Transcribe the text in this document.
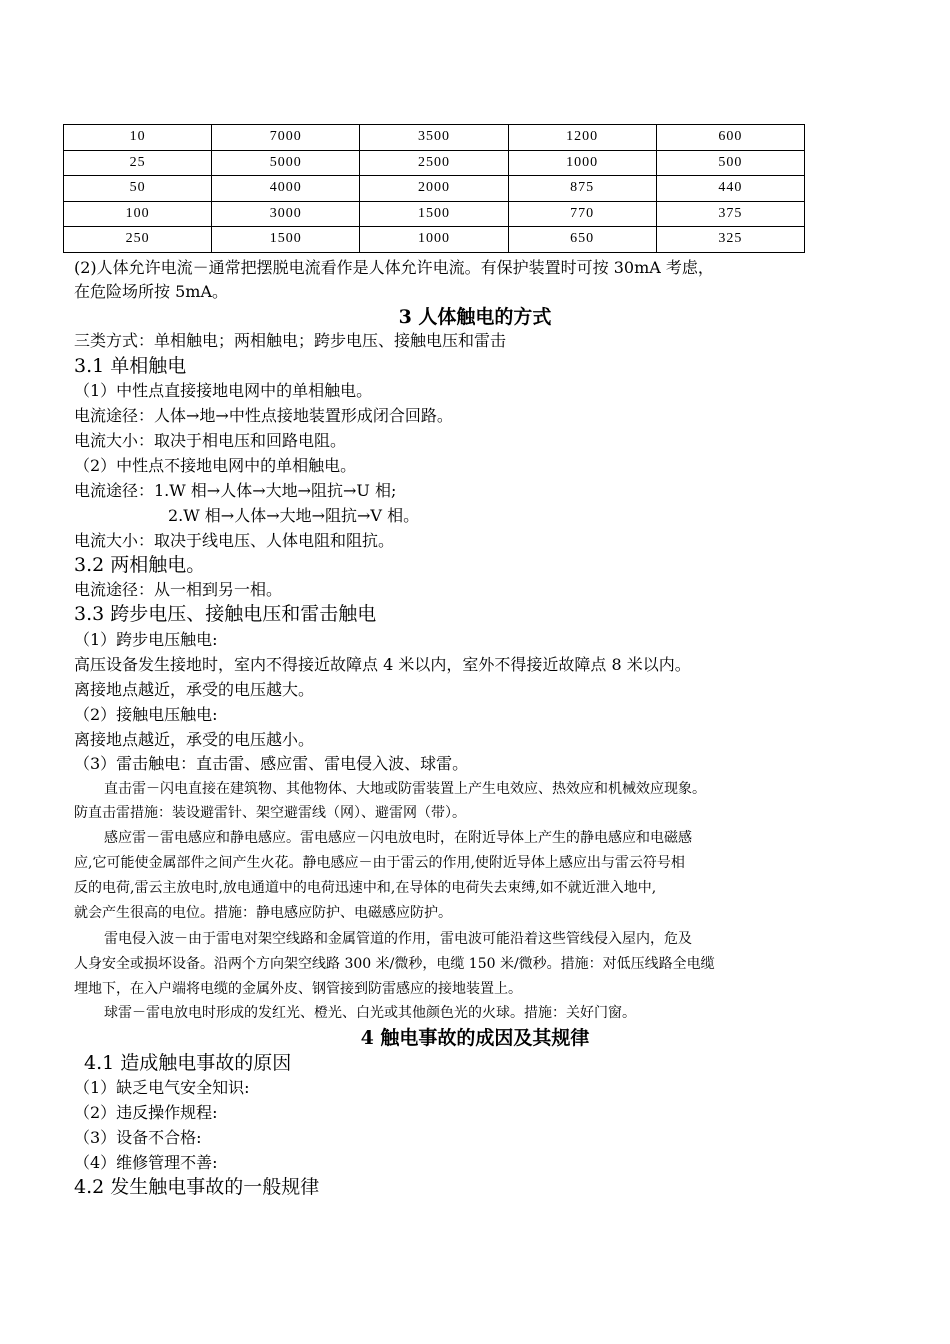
10	7000	3500	1200	600
25	5000	2500	1000	500
50	4000	2000	875	440
100	3000	1500	770	375
250	1500	1000	650	325
(2)人体允许电流－通常把摆脱电流看作是人体允许电流。有保护装置时可按 30mA 考虑，
在危险场所按 5mA。
3 人体触电的方式
三类方式：单相触电；两相触电；跨步电压、接触电压和雷击
3.1 单相触电
（1）中性点直接接地电网中的单相触电。
电流途径：人体→地→中性点接地装置形成闭合回路。
电流大小：取决于相电压和回路电阻。
（2）中性点不接地电网中的单相触电。
电流途径：1.W 相→人体→大地→阻抗→U 相;
2.W 相→人体→大地→阻抗→V 相。
电流大小：取决于线电压、人体电阻和阻抗。
3.2 两相触电。
电流途径：从一相到另一相。
3.3 跨步电压、接触电压和雷击触电
（1）跨步电压触电:
高压设备发生接地时，室内不得接近故障点 4 米以内，室外不得接近故障点 8 米以内。
离接地点越近，承受的电压越大。
（2）接触电压触电:
离接地点越近，承受的电压越小。
（3）雷击触电：直击雷、感应雷、雷电侵入波、球雷。
直击雷－闪电直接在建筑物、其他物体、大地或防雷装置上产生电效应、热效应和机械效应现象。
防直击雷措施：装设避雷针、架空避雷线（网）、避雷网（带）。
感应雷－雷电感应和静电感应。雷电感应－闪电放电时，在附近导体上产生的静电感应和电磁感
应,它可能使金属部件之间产生火花。静电感应－由于雷云的作用,使附近导体上感应出与雷云符号相
反的电荷,雷云主放电时,放电通道中的电荷迅速中和,在导体的电荷失去束缚,如不就近泄入地中,
就会产生很高的电位。措施：静电感应防护、电磁感应防护。
雷电侵入波－由于雷电对架空线路和金属管道的作用，雷电波可能沿着这些管线侵入屋内，危及
人身安全或损坏设备。沿两个方向架空线路 300 米/微秒，电缆 150 米/微秒。措施：对低压线路全电缆
埋地下，在入户端将电缆的金属外皮、钢管接到防雷感应的接地装置上。
球雷－雷电放电时形成的发红光、橙光、白光或其他颜色光的火球。措施：关好门窗。
4 触电事故的成因及其规律
4.1 造成触电事故的原因
（1）缺乏电气安全知识:
（2）违反操作规程:
（3）设备不合格:
（4）维修管理不善:
4.2 发生触电事故的一般规律
